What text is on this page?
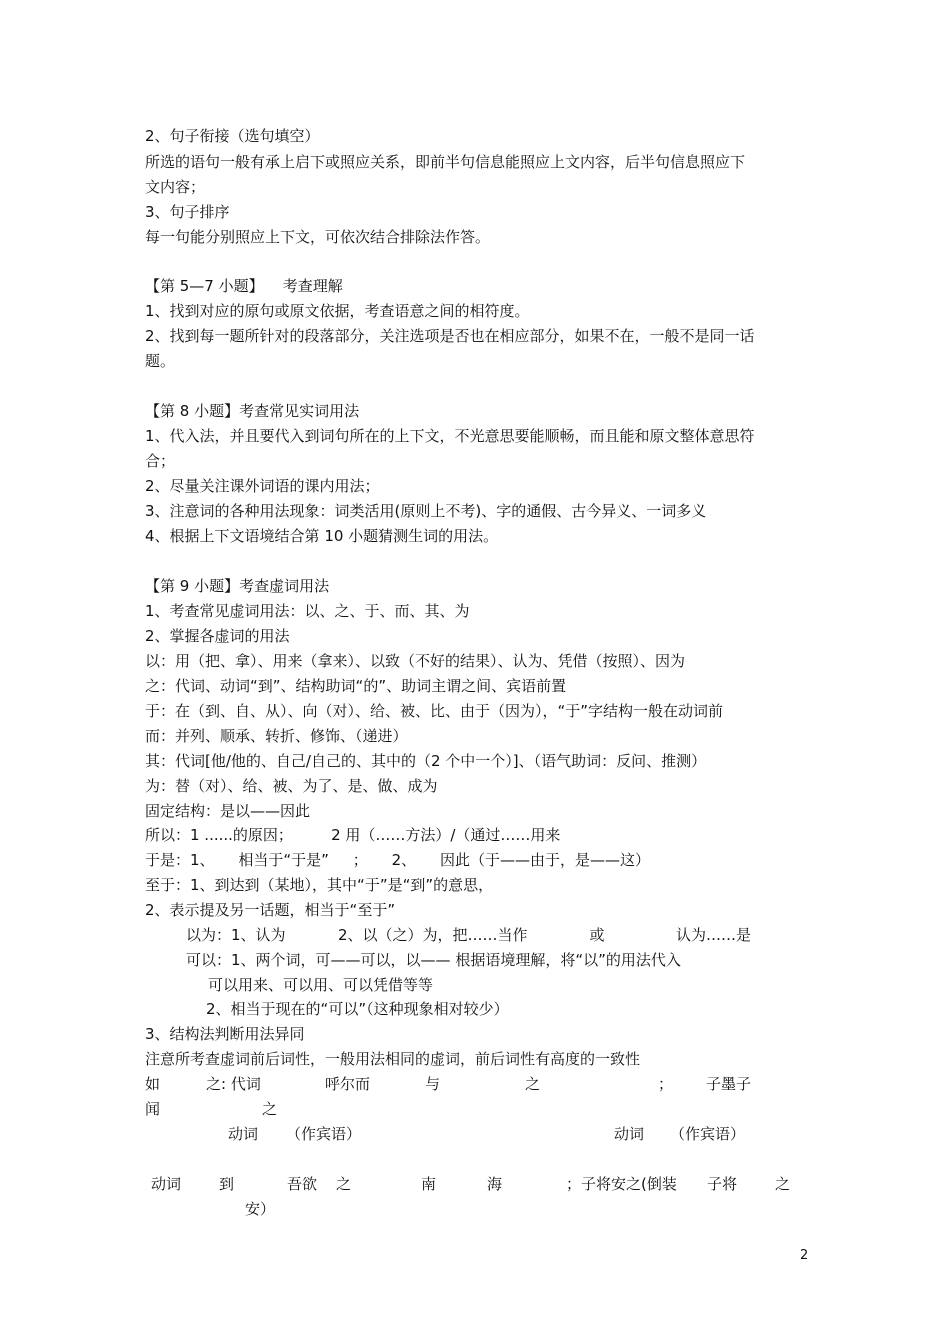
2、句子衔接（选句填空）
所选的语句一般有承上启下或照应关系，即前半句信息能照应上文内容，后半句信息照应下
文内容；
3、句子排序
每一句能分别照应上下文，可依次结合排除法作答。
【第 5—7 小题】    考查理解
1、找到对应的原句或原文依据，考查语意之间的相符度。
2、找到每一题所针对的段落部分，关注选项是否也在相应部分，如果不在，一般不是同一话
题。
【第 8 小题】考查常见实词用法
1、代入法，并且要代入到词句所在的上下文，不光意思要能顺畅，而且能和原文整体意思符
合；
2、尽量关注课外词语的课内用法；
3、注意词的各种用法现象：词类活用(原则上不考)、字的通假、古今异义、一词多义
4、根据上下文语境结合第 10 小题猜测生词的用法。
【第 9 小题】考查虚词用法
1、考查常见虚词用法：以、之、于、而、其、为
2、掌握各虚词的用法
以：用（把、拿）、用来（拿来）、以致（不好的结果）、认为、凭借（按照）、因为
之：代词、动词“到”、结构助词“的”、助词主谓之间、宾语前置
于：在（到、自、从）、向（对）、给、被、比、由于（因为），“于”字结构一般在动词前
而：并列、顺承、转折、修饰、（递进）
其：代词[他/他的、自己/自己的、其中的（2 个中一个）]、（语气助词：反问、推测）
为：替（对）、给、被、为了、是、做、成为
固定结构：是以——因此
所以：1 ......的原因；        2 用（……方法）/（通过……用来
于是：1、     相当于“于是”     ；     2、     因此（于——由于，是——这）
至于：1、到达到（某地），其中“于”是“到”的意思，
2、表示提及另一话题，相当于“至于”
以为：1、认为           2、以（之）为，把……当作             或               认为……是
可以：1、两个词，可——可以，以—— 根据语境理解，将“以”的用法代入
可以用来、可以用、可以凭借等等
2、相当于现在的“可以”（这种现象相对较少）
3、结构法判断用法异同
注意所考查虚词前后词性，一般用法相同的虚词，前后词性有高度的一致性
如	之: 代词	呼尔而	与	之	； 子墨子
闻	之
动词 （作宾语）	动词 （作宾语）
动词	到	吾欲 之	南	海	；子将安之(倒装 子将	之
安）
2
